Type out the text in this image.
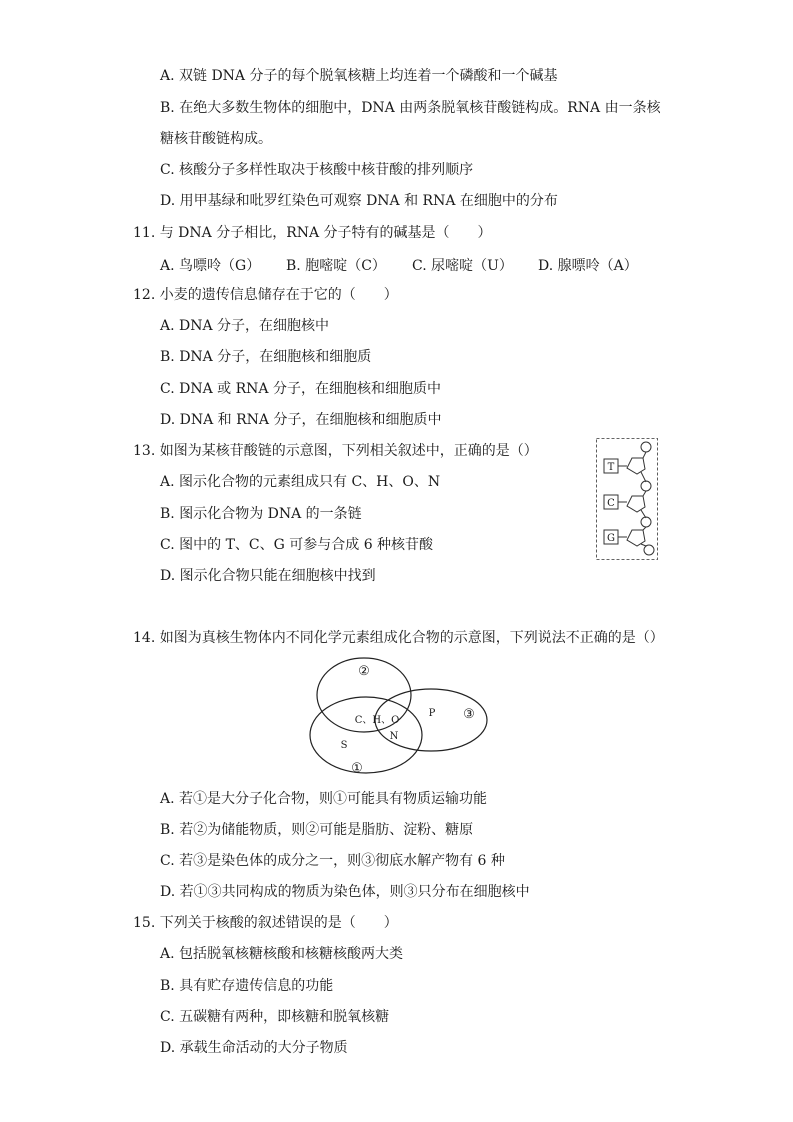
A. 双链 DNA 分子的每个脱氧核糖上均连着一个磷酸和一个碱基
B. 在绝大多数生物体的细胞中，DNA 由两条脱氧核苷酸链构成。RNA 由一条核
糖核苷酸链构成。
C. 核酸分子多样性取决于核酸中核苷酸的排列顺序
D. 用甲基绿和吡罗红染色可观察 DNA 和 RNA 在细胞中的分布
11. 与 DNA 分子相比，RNA 分子特有的碱基是（　　）
A. 鸟嘌呤（G） B. 胞嘧啶（C） C. 尿嘧啶（U） D. 腺嘌呤（A）
12. 小麦的遗传信息储存在于它的（　　）
A. DNA 分子，在细胞核中
B. DNA 分子，在细胞核和细胞质
C. DNA 或 RNA 分子，在细胞核和细胞质中
D. DNA 和 RNA 分子，在细胞核和细胞质中
13. 如图为某核苷酸链的示意图，下列相关叙述中，正确的是（）
A. 图示化合物的元素组成只有 C、H、O、N
B. 图示化合物为 DNA 的一条链
C. 图中的 T、C、G 可参与合成 6 种核苷酸
D. 图示化合物只能在细胞核中找到
T
C
G
14. 如图为真核生物体内不同化学元素组成化合物的示意图，下列说法不正确的是（）
②
③
①
C、H、O
N
P
S
A. 若①是大分子化合物，则①可能具有物质运输功能
B. 若②为储能物质，则②可能是脂肪、淀粉、糖原
C. 若③是染色体的成分之一，则③彻底水解产物有 6 种
D. 若①③共同构成的物质为染色体，则③只分布在细胞核中
15. 下列关于核酸的叙述错误的是（　　）
A. 包括脱氧核糖核酸和核糖核酸两大类
B. 具有贮存遗传信息的功能
C. 五碳糖有两种，即核糖和脱氧核糖
D. 承载生命活动的大分子物质
